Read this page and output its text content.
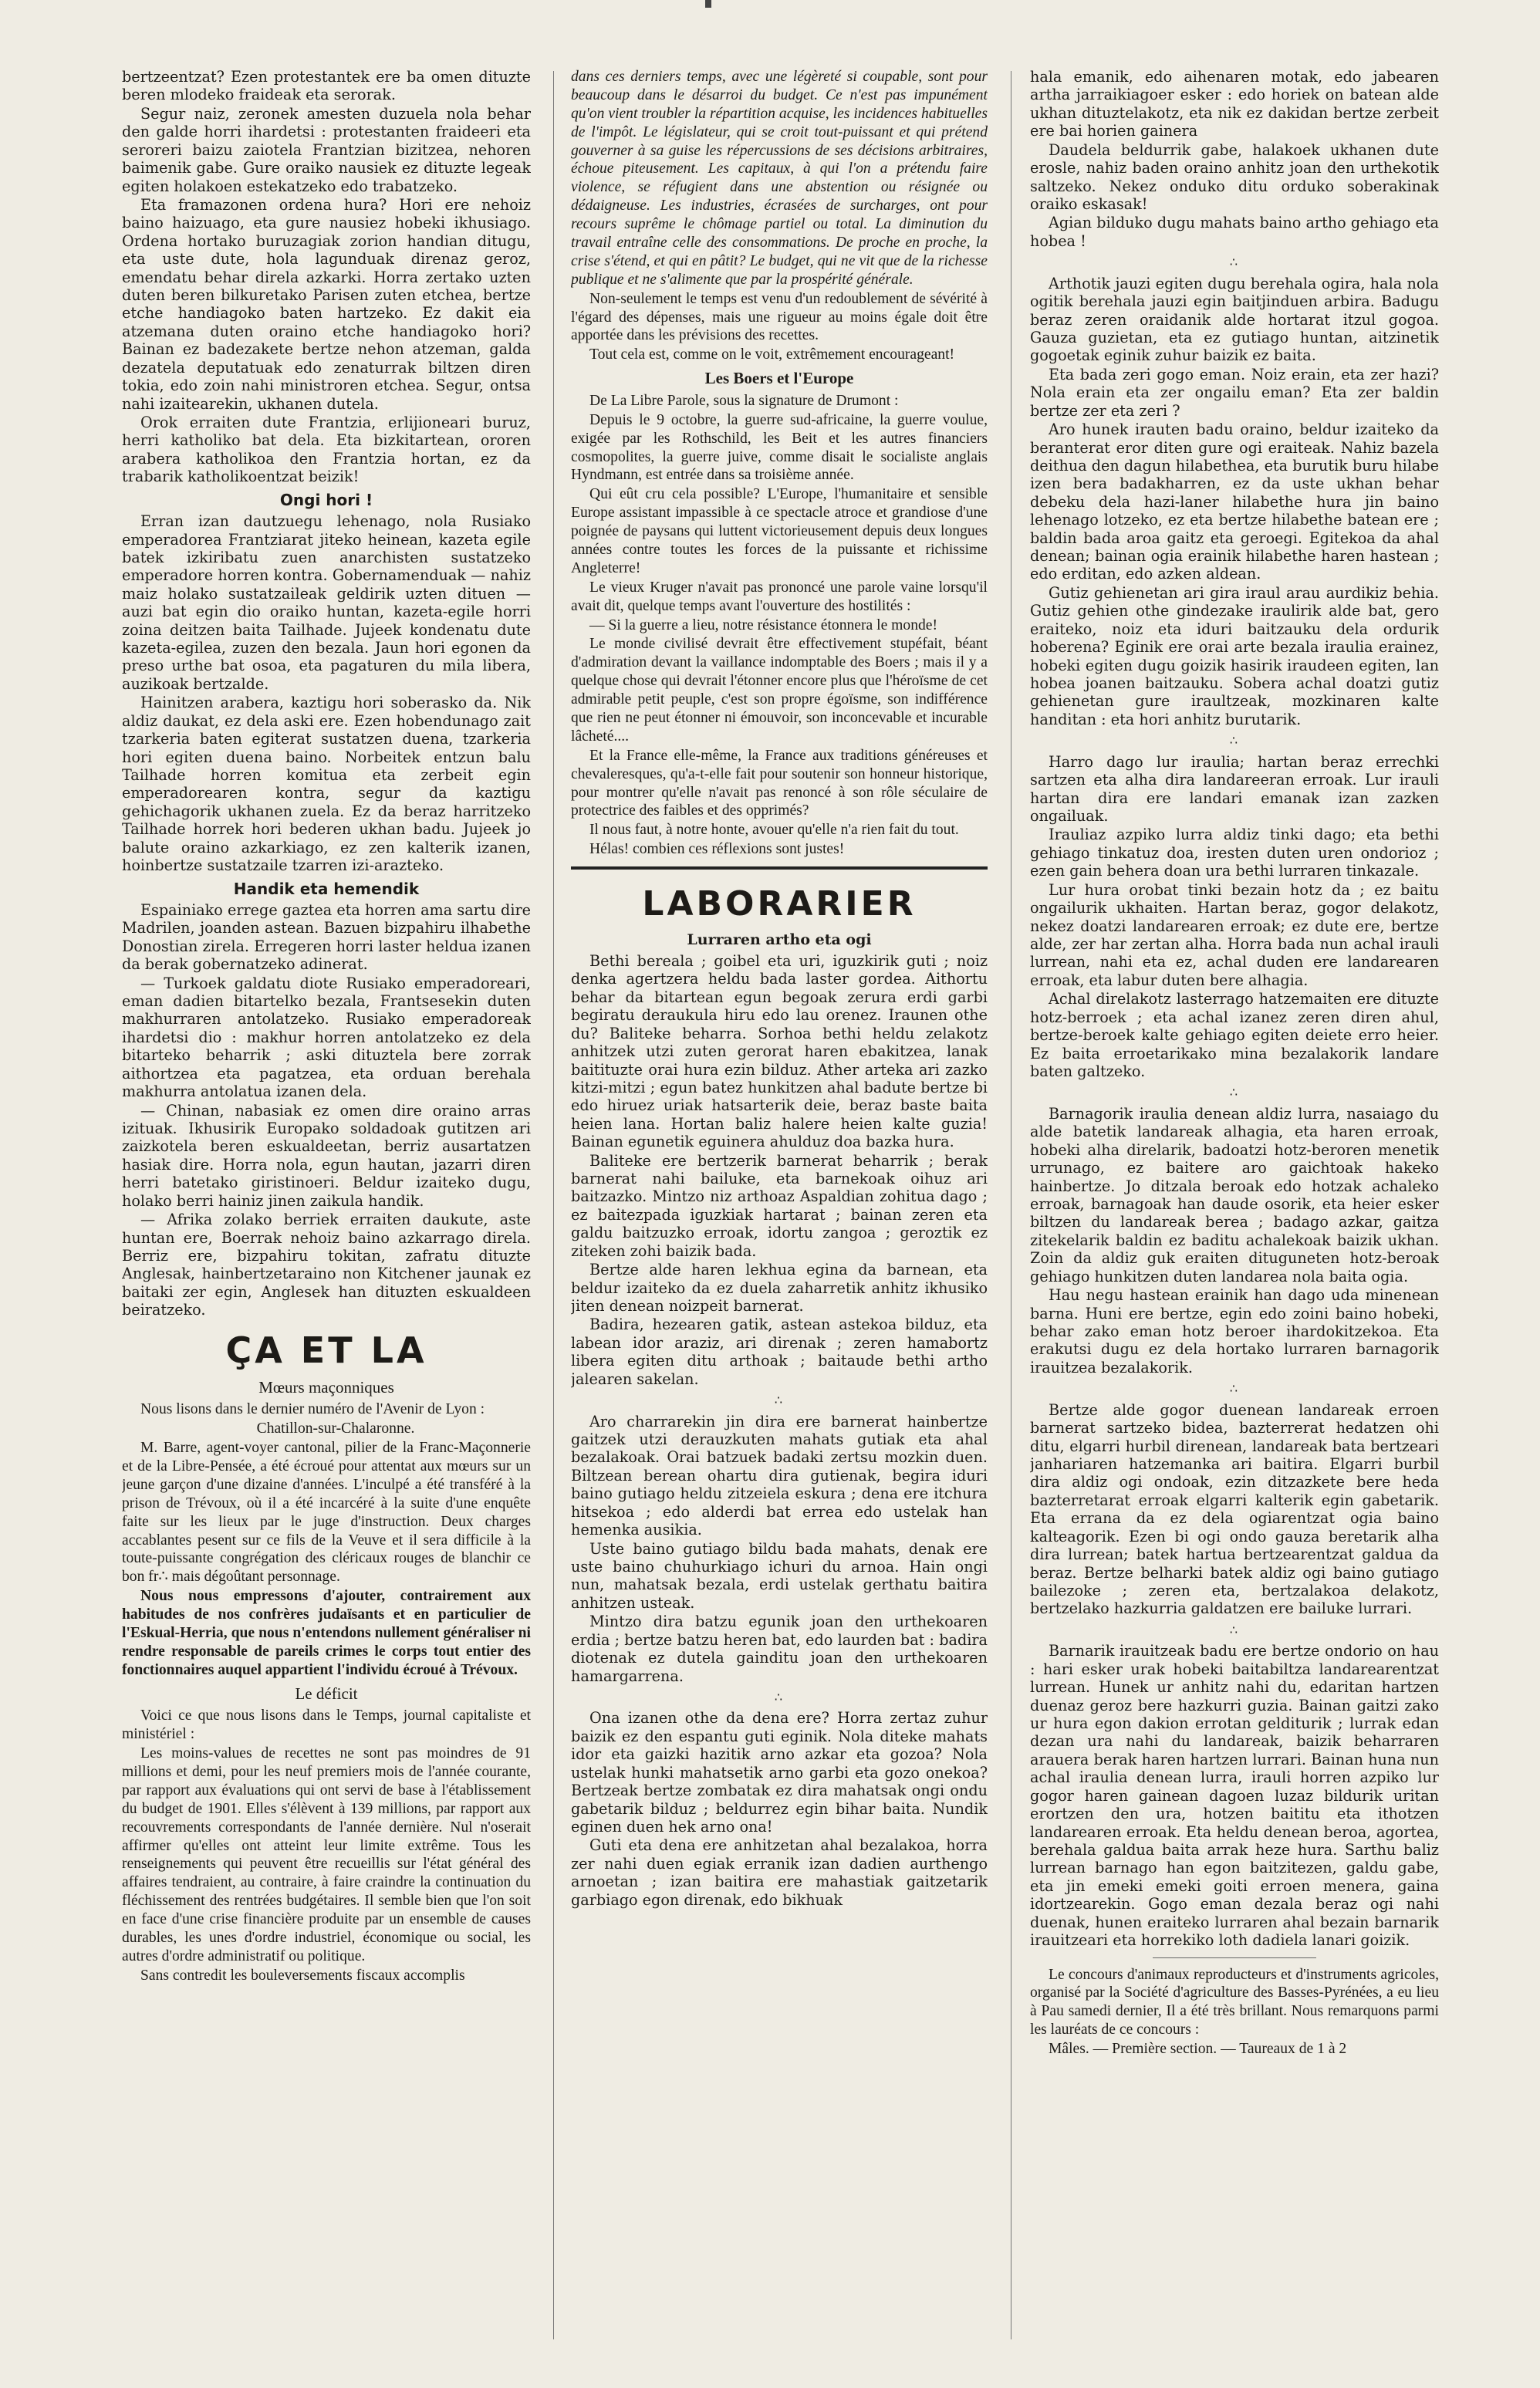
bertzeentzat? Ezen protestantek ere ba omen dituzte beren mlodeko fraideak eta serorak.

Segur naiz, zeronek amesten duzuela nola behar den galde horri ihardetsi : protestanten fraideeri eta seroreri baizu zaiotela Frantzian bizitzea, nehoren baimenik gabe. Gure oraiko nausiek ez dituzte legeak egiten holakoen estekatzeko edo trabatzeko.

Eta framazonen ordena hura? Hori ere nehoiz baino haizuago, eta gure nausiez hobeki ikhusiago. Ordena hortako buruzagiak zorion handian ditugu, eta uste dute, hola lagunduak direnaz geroz, emendatu behar direla azkarki. Horra zertako uzten duten beren bilkuretako Parisen zuten etchea, bertze etche handiagoko baten hartzeko. Ez dakit eia atzemana duten oraino etche handiagoko hori? Bainan ez badezakete bertze nehon atzeman, galda dezatela deputatuak edo zenaturrak biltzen diren tokia, edo zoin nahi ministroren etchea. Segur, ontsa nahi izaitearekin, ukhanen dutela.

Orok erraiten dute Frantzia, erlijioneari buruz, herri katholiko bat dela. Eta bizkitartean, ororen arabera katholikoa den Frantzia hortan, ez da trabarik katholikoentzat beizik!

Ongi hori !

Erran izan dautzuegu lehenago, nola Rusiako emperadorea Frantziarat jiteko heinean, kazeta egile batek izkiribatu zuen anarchisten sustatzeko emperadore horren kontra. Gobernamenduak — nahiz maiz holako sustatzaileak geldirik uzten dituen — auzi bat egin dio oraiko huntan, kazeta-egile horri zoina deitzen baita Tailhade. Jujeek kondenatu dute kazeta-egilea, zuzen den bezala. Jaun hori egonen da preso urthe bat osoa, eta pagaturen du mila libera, auzikoak bertzalde.

Hainitzen arabera, kaztigu hori soberasko da. Nik aldiz daukat, ez dela aski ere. Ezen hobendunago zait tzarkeria baten egiterat sustatzen duena, tzarkeria hori egiten duena baino. Norbeitek entzun balu Tailhade horren komitua eta zerbeit egin emperadorearen kontra, segur da kaztigu gehichagorik ukhanen zuela. Ez da beraz harritzeko Tailhade horrek hori bederen ukhan badu. Jujeek jo balute oraino azkarkiago, ez zen kalterik izanen, hoinbertze sustatzaile tzarren izi-arazteko.

Handik eta hemendik

Espainiako errege gaztea eta horren ama sartu dire Madrilen, joanden astean. Bazuen bizpahiru ilhabethe Donostian zirela. Erregeren horri laster heldua izanen da berak gobernatzeko adinerat.

— Turkoek galdatu diote Rusiako emperadoreari, eman dadien bitartelko bezala, Frantsesekin duten makhurraren antolatzeko. Rusiako emperadoreak ihardetsi dio : makhur horren antolatzeko ez dela bitarteko beharrik ; aski dituztela bere zorrak aithortzea eta pagatzea, eta orduan berehala makhurra antolatua izanen dela.

— Chinan, nabasiak ez omen dire oraino arras izituak. Ikhusirik Europako soldadoak gutitzen ari zaizkotela beren eskualdeetan, berriz ausartatzen hasiak dire. Horra nola, egun hautan, jazarri diren herri batetako giristinoeri. Beldur izaiteko dugu, holako berri hainiz jinen zaikula handik.

— Afrika zolako berriek erraiten daukute, aste huntan ere, Boerrak nehoiz baino azkarrago direla. Berriz ere, bizpahiru tokitan, zafratu dituzte Anglesak, hainbertzetaraino non Kitchener jaunak ez baitaki zer egin, Anglesek han dituzten eskualdeen beiratzeko.

ÇA ET LA
Mœurs maçonniques

Nous lisons dans le dernier numéro de l'Avenir de Lyon :

Chatillon-sur-Chalaronne.

M. Barre, agent-voyer cantonal, pilier de la Franc-Maçonnerie et de la Libre-Pensée, a été écroué pour attentat aux mœurs sur un jeune garçon d'une dizaine d'années. L'inculpé a été transféré à la prison de Trévoux, où il a été incarcéré à la suite d'une enquête faite sur les lieux par le juge d'instruction. Deux charges accablantes pesent sur ce fils de la Veuve et il sera difficile à la toute-puissante congrégation des cléricaux rouges de blanchir ce bon fr∴ mais dégoûtant personnage.

Nous nous empressons d'ajouter, contrairement aux habitudes de nos confrères judaïsants et en particulier de l'Eskual-Herria, que nous n'entendons nullement généraliser ni rendre responsable de pareils crimes le corps tout entier des fonctionnaires auquel appartient l'individu écroué à Trévoux.

Le déficit

Voici ce que nous lisons dans le Temps, journal capitaliste et ministériel :

Les moins-values de recettes ne sont pas moindres de 91 millions et demi, pour les neuf premiers mois de l'année courante, par rapport aux évaluations qui ont servi de base à l'établissement du budget de 1901. Elles s'élèvent à 139 millions, par rapport aux recouvrements correspondants de l'année dernière. Nul n'oserait affirmer qu'elles ont atteint leur limite extrême. Tous les renseignements qui peuvent être recueillis sur l'état général des affaires tendraient, au contraire, à faire craindre la continuation du fléchissement des rentrées budgétaires. Il semble bien que l'on soit en face d'une crise financière produite par un ensemble de causes durables, les unes d'ordre industriel, économique ou social, les autres d'ordre administratif ou politique.

Sans contredit les bouleversements fiscaux accomplis

dans ces derniers temps, avec une légèreté si coupable, sont pour beaucoup dans le désarroi du budget. Ce n'est pas impunément qu'on vient troubler la répartition acquise, les incidences habituelles de l'impôt. Le législateur, qui se croit tout-puissant et qui prétend gouverner à sa guise les répercussions de ses décisions arbitraires, échoue piteusement. Les capitaux, à qui l'on a prétendu faire violence, se réfugient dans une abstention ou résignée ou dédaigneuse. Les industries, écrasées de surcharges, ont pour recours suprême le chômage partiel ou total. La diminution du travail entraîne celle des consommations. De proche en proche, la crise s'étend, et qui en pâtit? Le budget, qui ne vit que de la richesse publique et ne s'alimente que par la prospérité générale.

Non-seulement le temps est venu d'un redoublement de sévérité à l'égard des dépenses, mais une rigueur au moins égale doit être apportée dans les prévisions des recettes.

Tout cela est, comme on le voit, extrêmement encourageant!

Les Boers et l'Europe

De La Libre Parole, sous la signature de Drumont :

Depuis le 9 octobre, la guerre sud-africaine, la guerre voulue, exigée par les Rothschild, les Beit et les autres financiers cosmopolites, la guerre juive, comme disait le socialiste anglais Hyndmann, est entrée dans sa troisième année.

Qui eût cru cela possible? L'Europe, l'humanitaire et sensible Europe assistant impassible à ce spectacle atroce et grandiose d'une poignée de paysans qui luttent victorieusement depuis deux longues années contre toutes les forces de la puissante et richissime Angleterre!

Le vieux Kruger n'avait pas prononcé une parole vaine lorsqu'il avait dit, quelque temps avant l'ouverture des hostilités :

— Si la guerre a lieu, notre résistance étonnera le monde!

Le monde civilisé devrait être effectivement stupéfait, béant d'admiration devant la vaillance indomptable des Boers ; mais il y a quelque chose qui devrait l'étonner encore plus que l'héroïsme de cet admirable petit peuple, c'est son propre égoïsme, son indifférence que rien ne peut étonner ni émouvoir, son inconcevable et incurable lâcheté....

Et la France elle-même, la France aux traditions généreuses et chevaleresques, qu'a-t-elle fait pour soutenir son honneur historique, pour montrer qu'elle n'avait pas renoncé à son rôle séculaire de protectrice des faibles et des opprimés?

Il nous faut, à notre honte, avouer qu'elle n'a rien fait du tout.

Hélas! combien ces réflexions sont justes!

LABORARIER
Lurraren artho eta ogi

Bethi bereala ; goibel eta uri, iguzkirik guti ; noiz denka agertzera heldu bada laster gordea. Aithortu behar da bitartean egun begoak zerura erdi garbi begiratu deraukula hiru edo lau orenez. Iraunen othe du? Baliteke beharra. Sorhoa bethi heldu zelakotz anhitzek utzi zuten gerorat haren ebakitzea, lanak baitituzte orai hura ezin bilduz. Ather arteka ari zazko kitzi-mitzi ; egun batez hunkitzen ahal badute bertze bi edo hiruez uriak hatsarterik deie, beraz baste baita heien lana. Hortan baliz halere heien kalte guzia! Bainan egunetik eguinera ahulduz doa bazka hura.

Baliteke ere bertzerik barnerat beharrik ; berak barnerat nahi bailuke, eta barnekoak oihuz ari baitzazko. Mintzo niz arthoaz Aspaldian zohitua dago ; ez baitezpada iguzkiak hartarat ; bainan zeren eta galdu baitzuzko erroak, idortu zangoa ; geroztik ez ziteken zohi baizik bada.

Bertze alde haren lekhua egina da barnean, eta beldur izaiteko da ez duela zaharretik anhitz ikhusiko jiten denean noizpeit barnerat.

Badira, hezearen gatik, astean astekoa bilduz, eta labean idor araziz, ari direnak ; zeren hamabortz libera egiten ditu arthoak ; baitaude bethi artho jalearen sakelan.

∴

Aro charrarekin jin dira ere barnerat hainbertze gaitzek utzi derauzkuten mahats gutiak eta ahal bezalakoak. Orai batzuek badaki zertsu mozkin duen. Biltzean berean ohartu dira gutienak, begira iduri baino gutiago heldu zitzeiela eskura ; dena ere itchura hitsekoa ; edo alderdi bat errea edo ustelak han hemenka ausikia.

Uste baino gutiago bildu bada mahats, denak ere uste baino chuhurkiago ichuri du arnoa. Hain ongi nun, mahatsak bezala, erdi ustelak gerthatu baitira anhitzen usteak.

Mintzo dira batzu egunik joan den urthekoaren erdia ; bertze batzu heren bat, edo laurden bat : badira diotenak ez dutela gainditu joan den urthekoaren hamargarrena.

∴

Ona izanen othe da dena ere? Horra zertaz zuhur baizik ez den espantu guti eginik. Nola diteke mahats idor eta gaizki hazitik arno azkar eta gozoa? Nola ustelak hunki mahatsetik arno garbi eta gozo onekoa? Bertzeak bertze zombatak ez dira mahatsak ongi ondu gabetarik bilduz ; beldurrez egin bihar baita. Nundik eginen duen hek arno ona!

Guti eta dena ere anhitzetan ahal bezalakoa, horra zer nahi duen egiak erranik izan dadien aurthengo arnoetan ; izan baitira ere mahastiak gaitzetarik garbiago egon direnak, edo bikhuak

hala emanik, edo aihenaren motak, edo jabearen artha jarraikiagoer esker : edo horiek on batean alde ukhan dituztelakotz, eta nik ez dakidan bertze zerbeit ere bai horien gainera

Daudela beldurrik gabe, halakoek ukhanen dute erosle, nahiz baden oraino anhitz joan den urthekotik saltzeko. Nekez onduko ditu orduko soberakinak oraiko eskasak!

Agian bilduko dugu mahats baino artho gehiago eta hobea !

∴

Arthotik jauzi egiten dugu berehala ogira, hala nola ogitik berehala jauzi egin baitjinduen arbira. Badugu beraz zeren oraidanik alde hortarat itzul gogoa. Gauza guzietan, eta ez gutiago huntan, aitzinetik gogoetak eginik zuhur baizik ez baita.

Eta bada zeri gogo eman. Noiz erain, eta zer hazi? Nola erain eta zer ongailu eman? Eta zer baldin bertze zer eta zeri ?

Aro hunek irauten badu oraino, beldur izaiteko da beranterat eror diten gure ogi eraiteak. Nahiz bazela deithua den dagun hilabethea, eta burutik buru hilabe izen bera badakharren, ez da uste ukhan behar debeku dela hazi-laner hilabethe hura jin baino lehenago lotzeko, ez eta bertze hilabethe batean ere ; baldin bada aroa gaitz eta geroegi. Egitekoa da ahal denean; bainan ogia erainik hilabethe haren hastean ; edo erditan, edo azken aldean.

Gutiz gehienetan ari gira iraul arau aurdikiz behia. Gutiz gehien othe gindezake iraulirik alde bat, gero eraiteko, noiz eta iduri baitzauku dela ordurik hoberena? Eginik ere orai arte bezala iraulia erainez, hobeki egiten dugu goizik hasirik iraudeen egiten, lan hobea joanen baitzauku. Sobera achal doatzi gutiz gehienetan gure iraultzeak, mozkinaren kalte handitan : eta hori anhitz burutarik.

∴

Harro dago lur iraulia; hartan beraz errechki sartzen eta alha dira landareeran erroak. Lur irauli hartan dira ere landari emanak izan zazken ongailuak.

Irauliaz azpiko lurra aldiz tinki dago; eta bethi gehiago tinkatuz doa, iresten duten uren ondorioz ; ezen gain behera doan ura bethi lurraren tinkazale.

Lur hura orobat tinki bezain hotz da ; ez baitu ongailurik ukhaiten. Hartan beraz, gogor delakotz, nekez doatzi landarearen erroak; ez dute ere, bertze alde, zer har zertan alha. Horra bada nun achal irauli lurrean, nahi eta ez, achal duden ere landarearen erroak, eta labur duten bere alhagia.

Achal direlakotz lasterrago hatzemaiten ere dituzte hotz-berroek ; eta achal izanez zeren diren ahul, bertze-beroek kalte gehiago egiten deiete erro heier. Ez baita erroetarikako mina bezalakorik landare baten galtzeko.

∴

Barnagorik iraulia denean aldiz lurra, nasaiago du alde batetik landareak alhagia, eta haren erroak, hobeki alha direlarik, badoatzi hotz-beroren menetik urrunago, ez baitere aro gaichtoak hakeko hainbertze. Jo ditzala beroak edo hotzak achaleko erroak, barnagoak han daude osorik, eta heier esker biltzen du landareak berea ; badago azkar, gaitza zitekelarik baldin ez baditu achalekoak baizik ukhan. Zoin da aldiz guk eraiten dituguneten hotz-beroak gehiago hunkitzen duten landarea nola baita ogia.

Hau negu hastean erainik han dago uda minenean barna. Huni ere bertze, egin edo zoini baino hobeki, behar zako eman hotz beroer ihardokitzekoa. Eta erakutsi dugu ez dela hortako lurraren barnagorik irauitzea bezalakorik.

∴

Bertze alde gogor duenean landareak erroen barnerat sartzeko bidea, bazterrerat hedatzen ohi ditu, elgarri hurbil direnean, landareak bata bertzeari janhariaren hatzemanka ari baitira. Elgarri burbil dira aldiz ogi ondoak, ezin ditzazkete bere heda bazterretarat erroak elgarri kalterik egin gabetarik. Eta errana da ez dela ogiarentzat ogia baino kalteagorik. Ezen bi ogi ondo gauza beretarik alha dira lurrean; batek hartua bertzearentzat galdua da beraz. Bertze belharki batek aldiz ogi baino gutiago bailezoke ; zeren eta, bertzalakoa delakotz, bertzelako hazkurria galdatzen ere bailuke lurrari.

∴

Barnarik irauitzeak badu ere bertze ondorio on hau : hari esker urak hobeki baitabiltza landarearentzat lurrean. Hunek ur anhitz nahi du, edaritan hartzen duenaz geroz bere hazkurri guzia. Bainan gaitzi zako ur hura egon dakion errotan gelditurik ; lurrak edan dezan ura nahi du landareak, baizik beharraren arauera berak haren hartzen lurrari. Bainan huna nun achal iraulia denean lurra, irauli horren azpiko lur gogor haren gainean dagoen luzaz bildurik uritan erortzen den ura, hotzen baititu eta ithotzen landarearen erroak. Eta heldu denean beroa, agortea, berehala galdua baita arrak heze hura. Sarthu baliz lurrean barnago han egon baitzitezen, galdu gabe, eta jin emeki emeki goiti erroen menera, gaina idortzearekin. Gogo eman dezala beraz ogi nahi duenak, hunen eraiteko lurraren ahal bezain barnarik irauitzeari eta horrekiko loth dadiela lanari goizik.

Le concours d'animaux reproducteurs et d'instruments agricoles, organisé par la Société d'agriculture des Basses-Pyrénées, a eu lieu à Pau samedi dernier, Il a été très brillant. Nous remarquons parmi les lauréats de ce concours :

Mâles. — Première section. — Taureaux de 1 à 2
